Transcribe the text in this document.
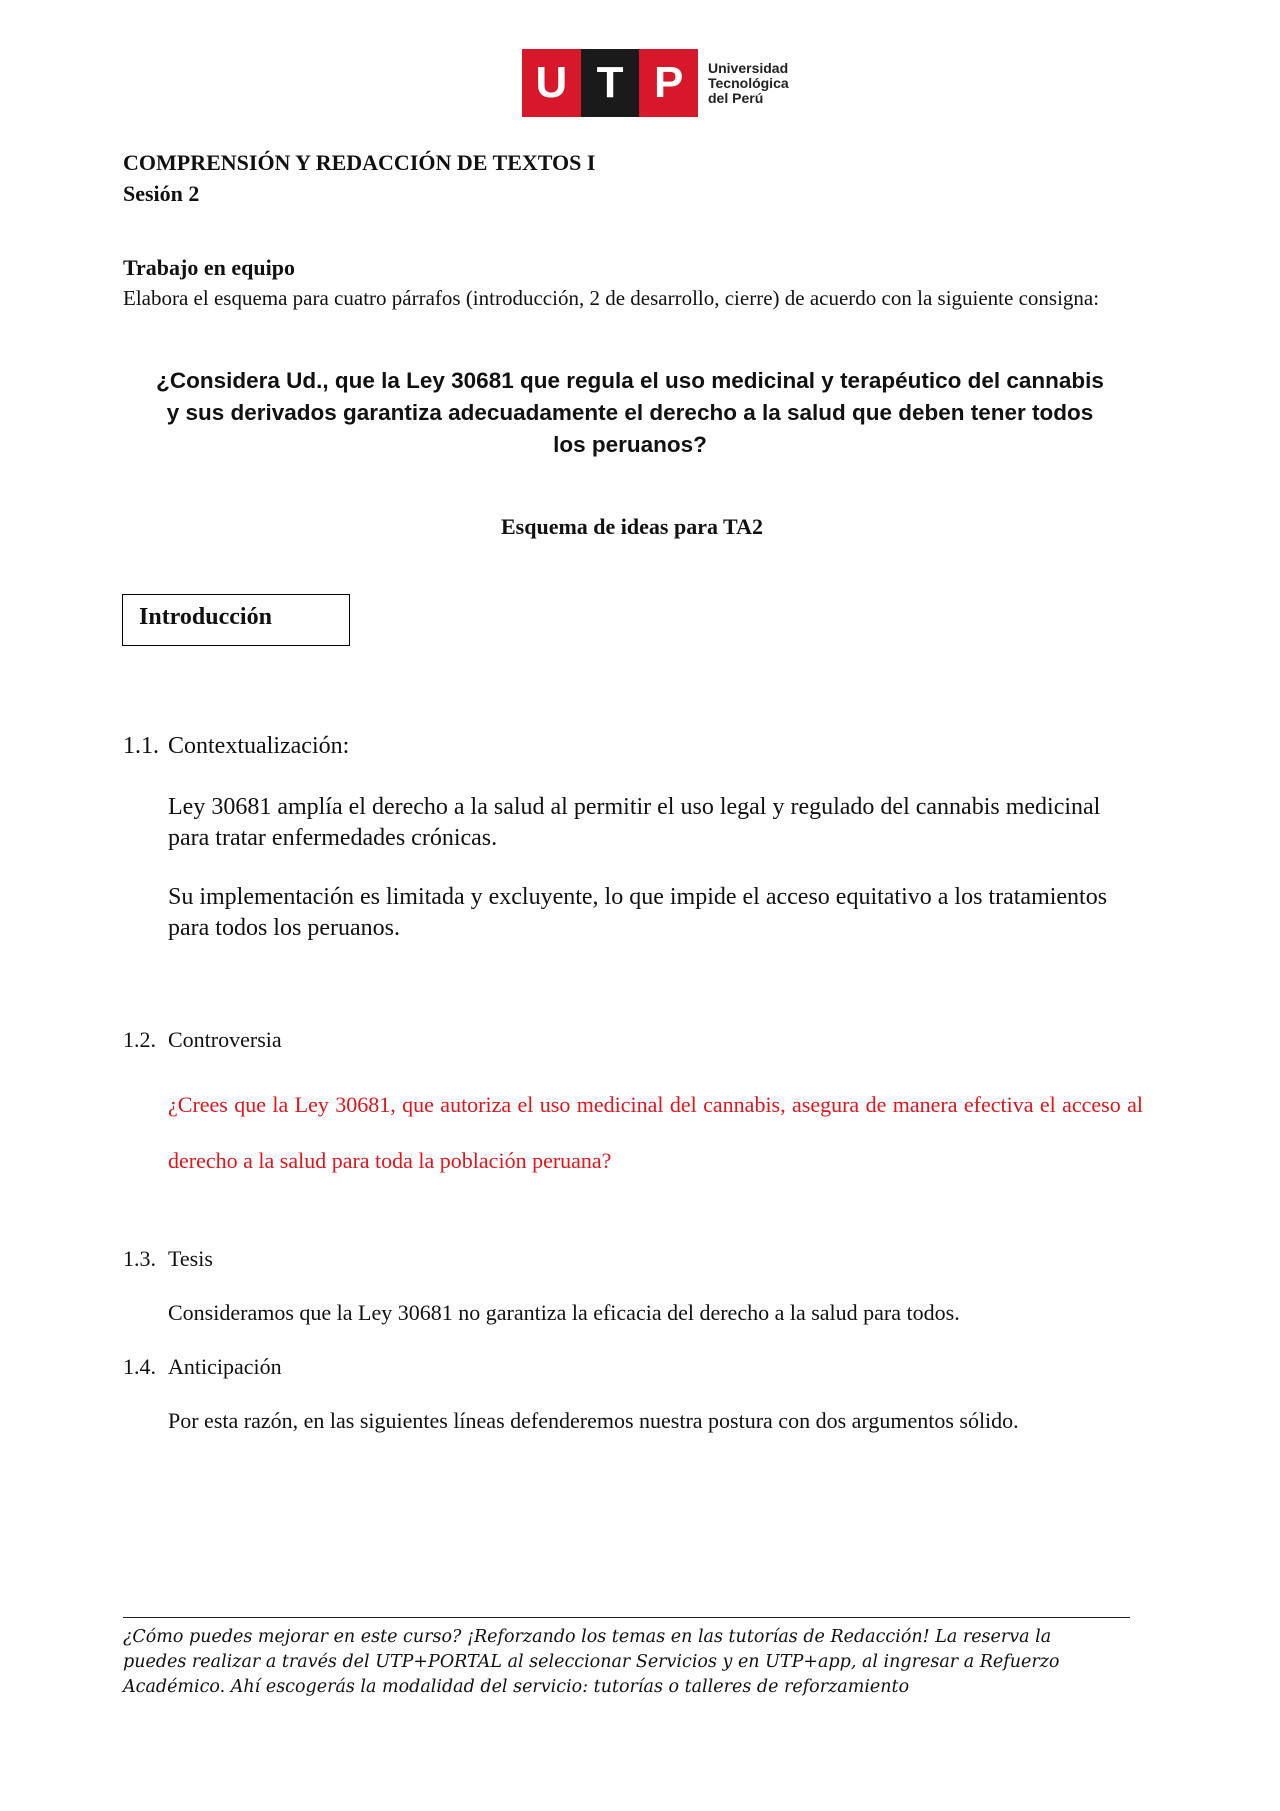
U T P	Universidad
Tecnológica
del Perú
COMPRENSIÓN Y REDACCIÓN DE TEXTOS I
Sesión 2
Trabajo en equipo
Elabora el esquema para cuatro párrafos (introducción, 2 de desarrollo, cierre) de acuerdo con la siguiente consigna:
¿Considera Ud., que la Ley 30681 que regula el uso medicinal y terapéutico del cannabis y sus derivados garantiza adecuadamente el derecho a la salud que deben tener todos los peruanos?
Esquema de ideas para TA2
Introducción
1.1. Contextualización:
Ley 30681 amplía el derecho a la salud al permitir el uso legal y regulado del cannabis medicinal para tratar enfermedades crónicas.
Su implementación es limitada y excluyente, lo que impide el acceso equitativo a los tratamientos para todos los peruanos.
1.2. Controversia
¿Crees que la Ley 30681, que autoriza el uso medicinal del cannabis, asegura de manera efectiva el acceso al derecho a la salud para toda la población peruana?
1.3. Tesis
Consideramos que la Ley 30681 no garantiza la eficacia del derecho a la salud para todos.
1.4. Anticipación
Por esta razón, en las siguientes líneas defenderemos nuestra postura con dos argumentos sólido.
¿Cómo puedes mejorar en este curso? ¡Reforzando los temas en las tutorías de Redacción! La reserva la puedes realizar a través del UTP+PORTAL al seleccionar Servicios y en UTP+app, al ingresar a Refuerzo Académico. Ahí escogerás la modalidad del servicio: tutorías o talleres de reforzamiento
